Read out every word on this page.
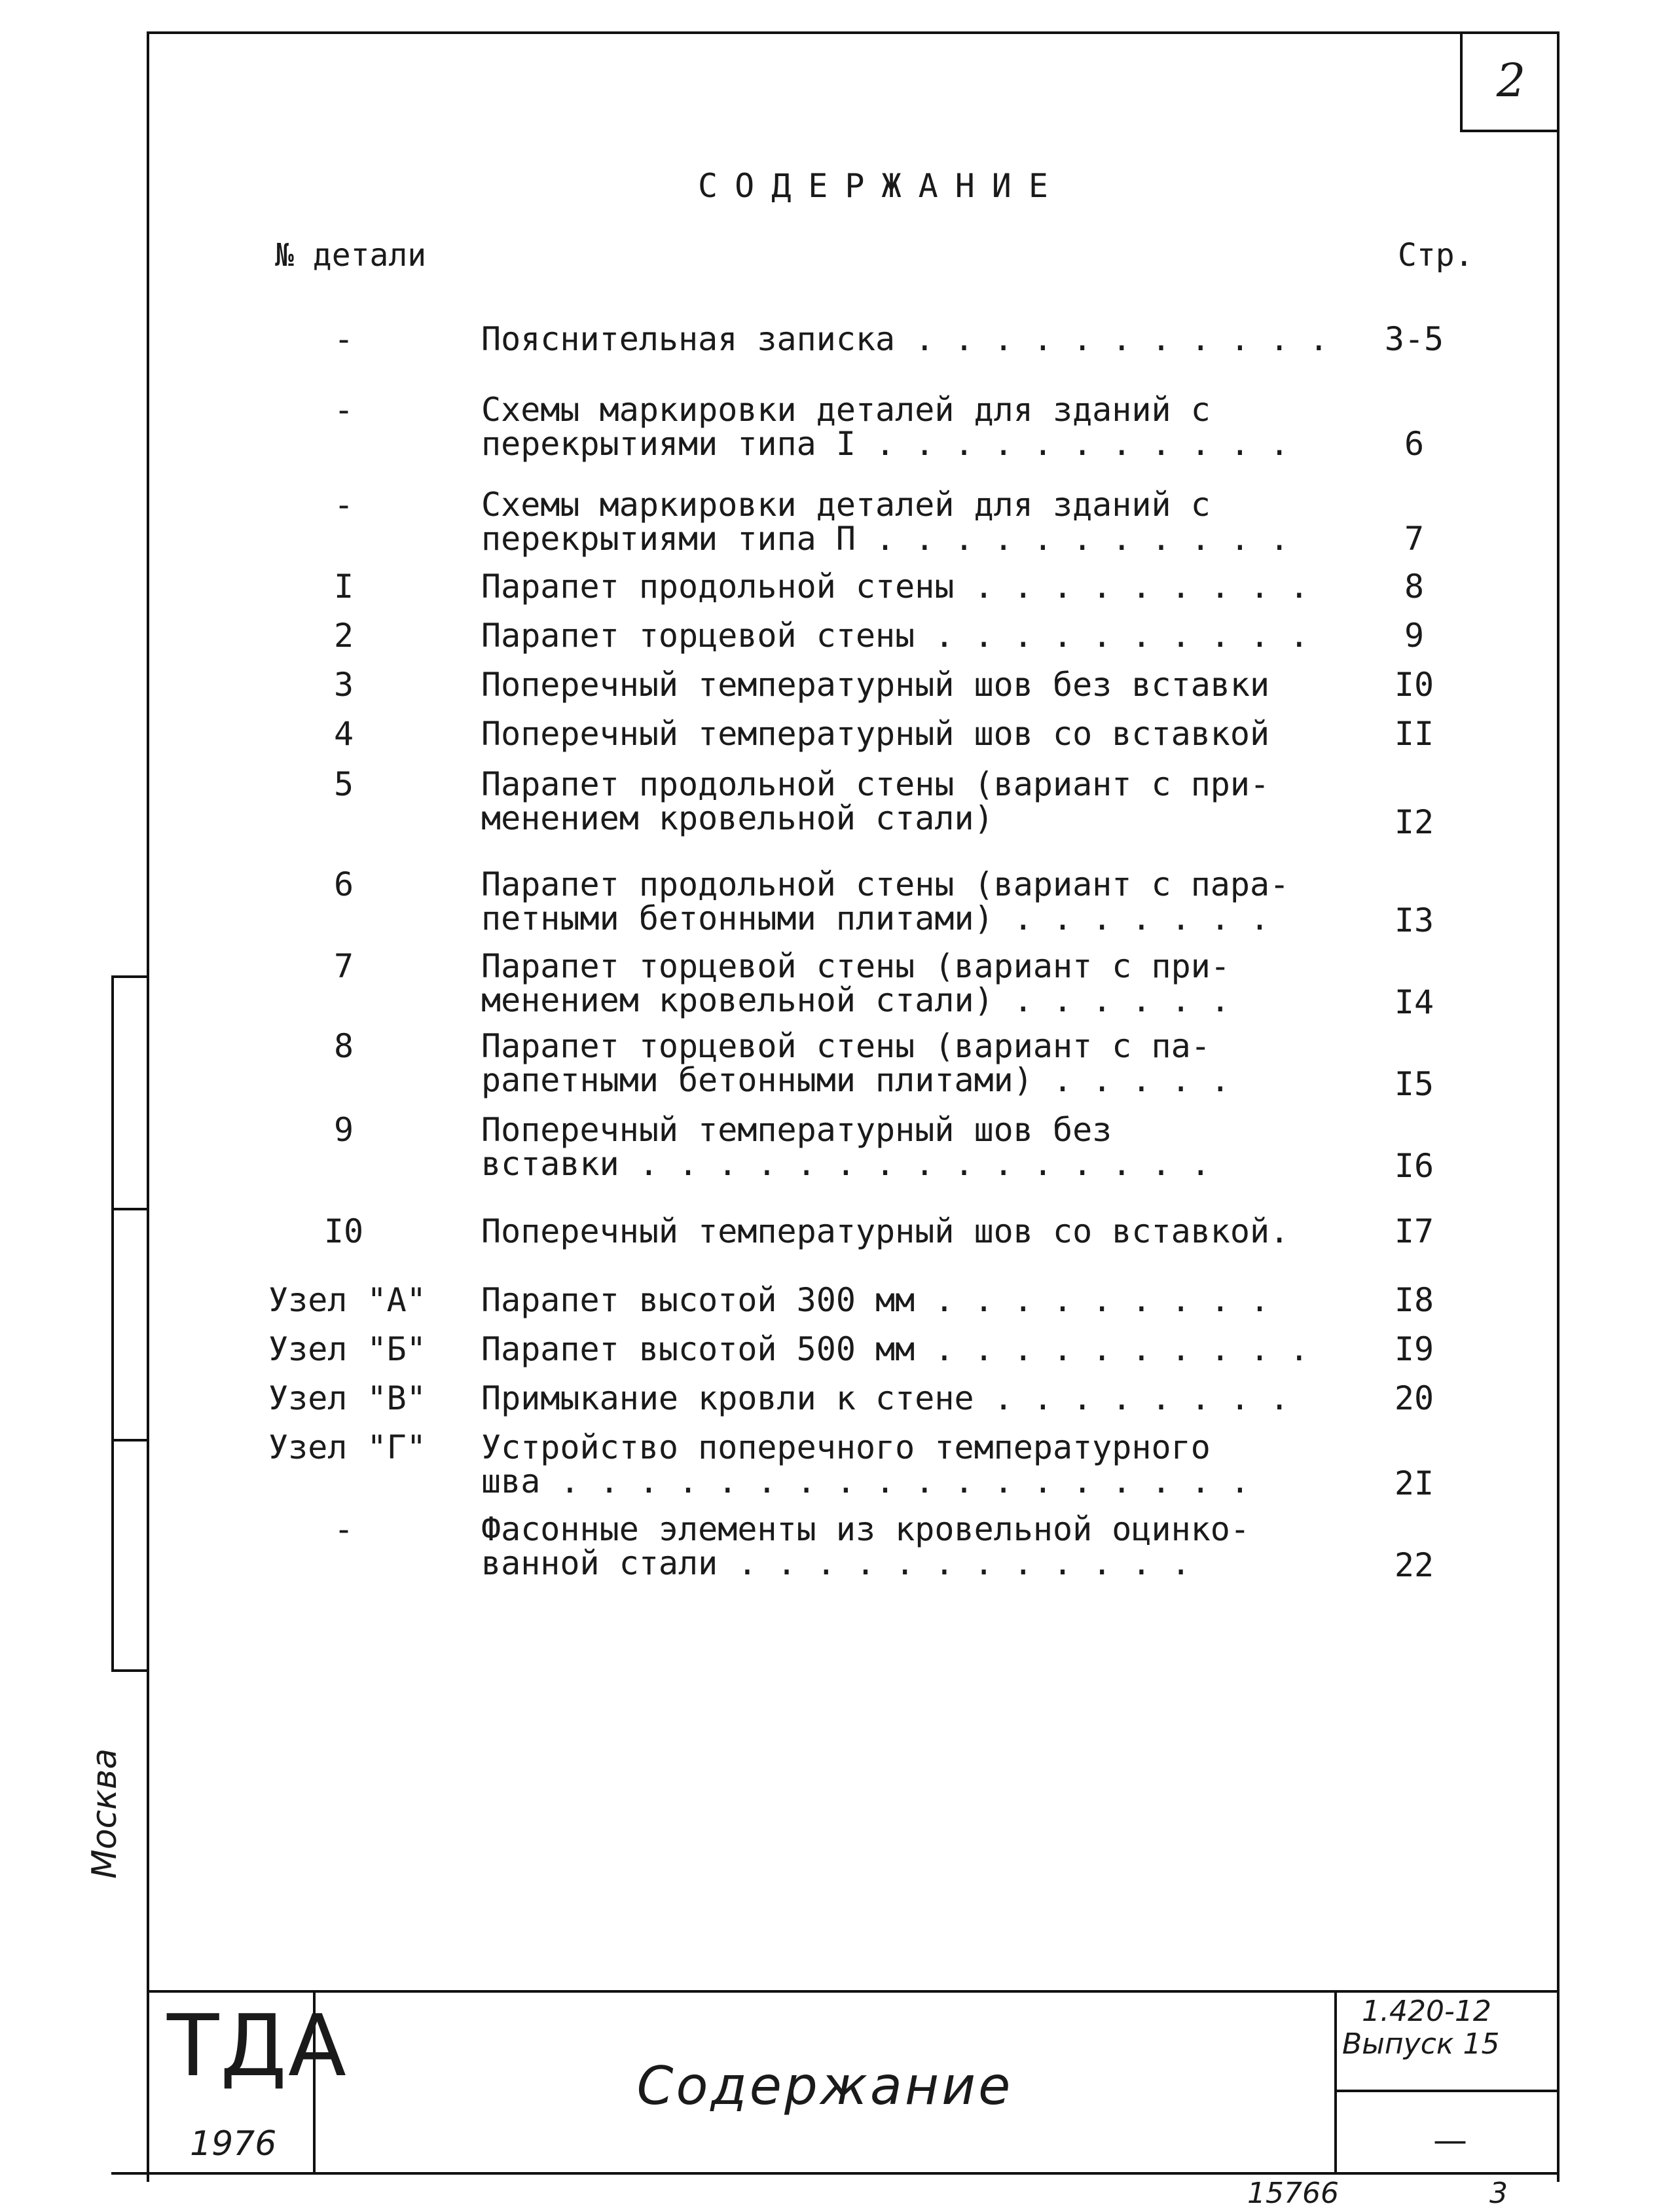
2
СОДЕРЖАНИЕ
№ детали	Стр.
-	Пояснительная записка . . . . . . . . . . .	3-5
-	Схемы маркировки деталей для зданий с
перекрытиями типа I . . . . . . . . . . .	6
-	Схемы маркировки деталей для зданий с
перекрытиями типа П . . . . . . . . . . .	7
I	Парапет продольной стены . . . . . . . . .	8
2	Парапет торцевой стены . . . . . . . . . .	9
3	Поперечный температурный шов без вставки	I0
4	Поперечный температурный шов со вставкой	II
5	Парапет продольной стены (вариант с при-
менением кровельной стали)	I2
6	Парапет продольной стены (вариант с пара-
петными бетонными плитами) . . . . . . .	I3
7	Парапет торцевой стены (вариант с при-
менением кровельной стали) . . . . . .	I4
8	Парапет торцевой стены (вариант с па-
рапетными бетонными плитами) . . . . .	I5
9	Поперечный температурный шов без
вставки . . . . . . . . . . . . . . .	I6
I0	Поперечный температурный шов со вставкой.	I7
Узел "А" Парапет высотой 300 мм . . . . . . . . .	I8
Узел "Б" Парапет высотой 500 мм . . . . . . . . . .	I9
Узел "В" Примыкание кровли к стене . . . . . . . .	20
Узел "Г" Устройство поперечного температурного
шва . . . . . . . . . . . . . . . . . .	2I
-	Фасонные элементы из кровельной оцинко-
ванной стали . . . . . . . . . . . .	22
ТДА
1976
Содержание
1.420-12
Выпуск 15
—
Москва
15766	3
